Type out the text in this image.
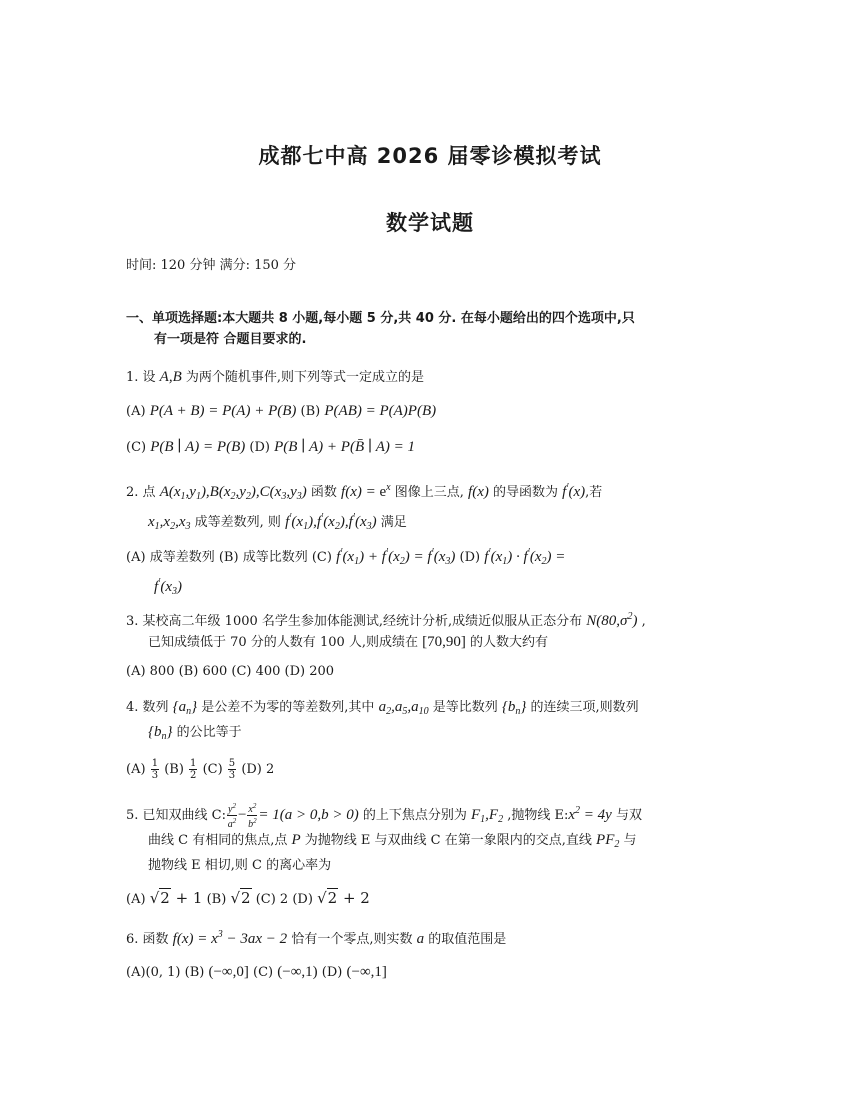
成都七中高 2026 届零诊模拟考试
数学试题
时间: 120 分钟 满分: 150 分
一、单项选择题:本大题共 8 小题,每小题 5 分,共 40 分. 在每小题给出的四个选项中,只
有一项是符 合题目要求的.
1. 设 A,B 为两个随机事件,则下列等式一定成立的是
(A) P(A + B) = P(A) + P(B) (B) P(AB) = P(A)P(B)
(C) P(B ∣ A) = P(B) (D) P(B ∣ A) + P(B̄ ∣ A) = 1
2. 点 $A(x_1,y_1),B(x_2,y_2),C(x_3,y_3)$ 函数 $f(x) = e^x$ 图像上三点, f(x) 的导函数为 f′(x),若
$x_1,x_2,x_3$ 成等差数列, 则 $f'(x_1),f'(x_2),f'(x_3)$ 满足
(A) 成等差数列 (B) 成等比数列 (C) $f'(x_1) + f'(x_2) = f'(x_3)$ (D) $f'(x_1) \cdot f'(x_2)$ =
$f'(x_3)$
3. 某校高二年级 1000 名学生参加体能测试,经统计分析,成绩近似服从正态分布 $N(80,\sigma^2)$ ,
已知成绩低于 70 分的人数有 100 人,则成绩在 [70,90] 的人数大约有
(A) 800 (B) 600 (C) 400 (D) 200
4. 数列 $\{a_n\}$ 是公差不为零的等差数列,其中 $a_2,a_5,a_{10}$ 是等比数列 $\{b_n\}$ 的连续三项,则数列
$\{b_n\}$ 的公比等于
$(A) \frac{1}{3} (B) \frac{1}{2} (C) \frac{5}{3} (D)$ 2
5. 已知双曲线 C: $\frac{y^2}{a^2} - \frac{x^2}{b^2} = 1(a > 0,b > 0)$ 的上下焦点分别为 $F_1,F_2$ ,抛物线 $E:x^2 = 4y$ 与双
曲线 C 有相同的焦点,点 P 为抛物线 E 与双曲线 C 在第一象限内的交点,直线 $PF_2$ 与
抛物线 E 相切,则 C 的离心率为
(A) √2 + 1 (B) √2 (C) 2 (D) √2 + 2
6. 函数 $f(x) = x^3 - 3ax - 2$ 恰有一个零点,则实数 a 的取值范围是
(A)(0, 1) (B) (−∞,0] (C) (−∞,1) (D) (−∞,1]
